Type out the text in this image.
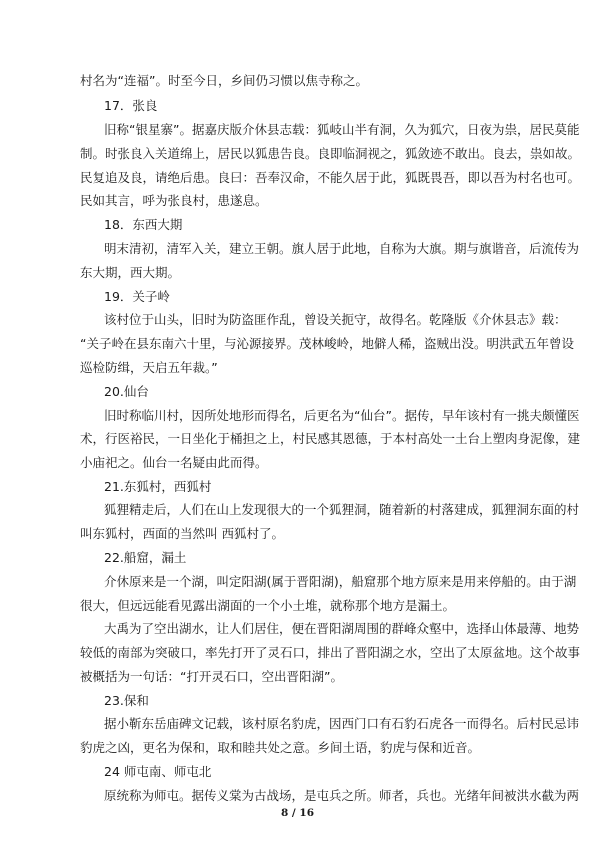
村名为“连福”。时至今日，乡间仍习惯以焦寺称之。
17．张良
旧称“银星寨”。据嘉庆版介休县志载：狐岐山半有洞，久为狐穴，日夜为祟，居民莫能
制。时张良入关道绵上，居民以狐患告良。良即临洞视之，狐敛迹不敢出。良去，祟如故。
民复追及良，请绝后患。良曰：吾奉汉命，不能久居于此，狐既畏吾，即以吾为村名也可。
民如其言，呼为张良村，患遂息。
18．东西大期
明末清初，清军入关，建立王朝。旗人居于此地，自称为大旗。期与旗谐音，后流传为
东大期，西大期。
19．关子岭
该村位于山头，旧时为防盗匪作乱，曾设关扼守，故得名。乾隆版《介休县志》载：
“关子岭在县东南六十里，与沁源接界。茂林峻岭，地僻人稀，盗贼出没。明洪武五年曾设
巡检防缉，天启五年裁。”
20.仙台
旧时称临川村，因所处地形而得名，后更名为“仙台”。据传，早年该村有一挑夫颇懂医
术，行医裕民，一日坐化于桶担之上，村民感其恩德，于本村高处一土台上塑肉身泥像，建
小庙祀之。仙台一名疑由此而得。
21.东狐村，西狐村
狐狸精走后，人们在山上发现很大的一个狐狸洞，随着新的村落建成，狐狸洞东面的村
叫东狐村，西面的当然叫 西狐村了。
22.船窟，漏土
介休原来是一个湖，叫定阳湖(属于晋阳湖)，船窟那个地方原来是用来停船的。由于湖
很大，但远远能看见露出湖面的一个小土堆，就称那个地方是漏土。
大禹为了空出湖水，让人们居住，便在晋阳湖周围的群峰众壑中，选择山体最薄、地势
较低的南部为突破口，率先打开了灵石口，排出了晋阳湖之水，空出了太原盆地。这个故事
被概括为一句话：“打开灵石口，空出晋阳湖”。
23.保和
据小靳东岳庙碑文记载，该村原名豹虎，因西门口有石豹石虎各一而得名。后村民忌讳
豹虎之凶，更名为保和，取和睦共处之意。乡间土语，豹虎与保和近音。
24 师屯南、师屯北
原统称为师屯。据传义棠为古战场，是屯兵之所。师者，兵也。光绪年间被洪水截为两
8 / 16
